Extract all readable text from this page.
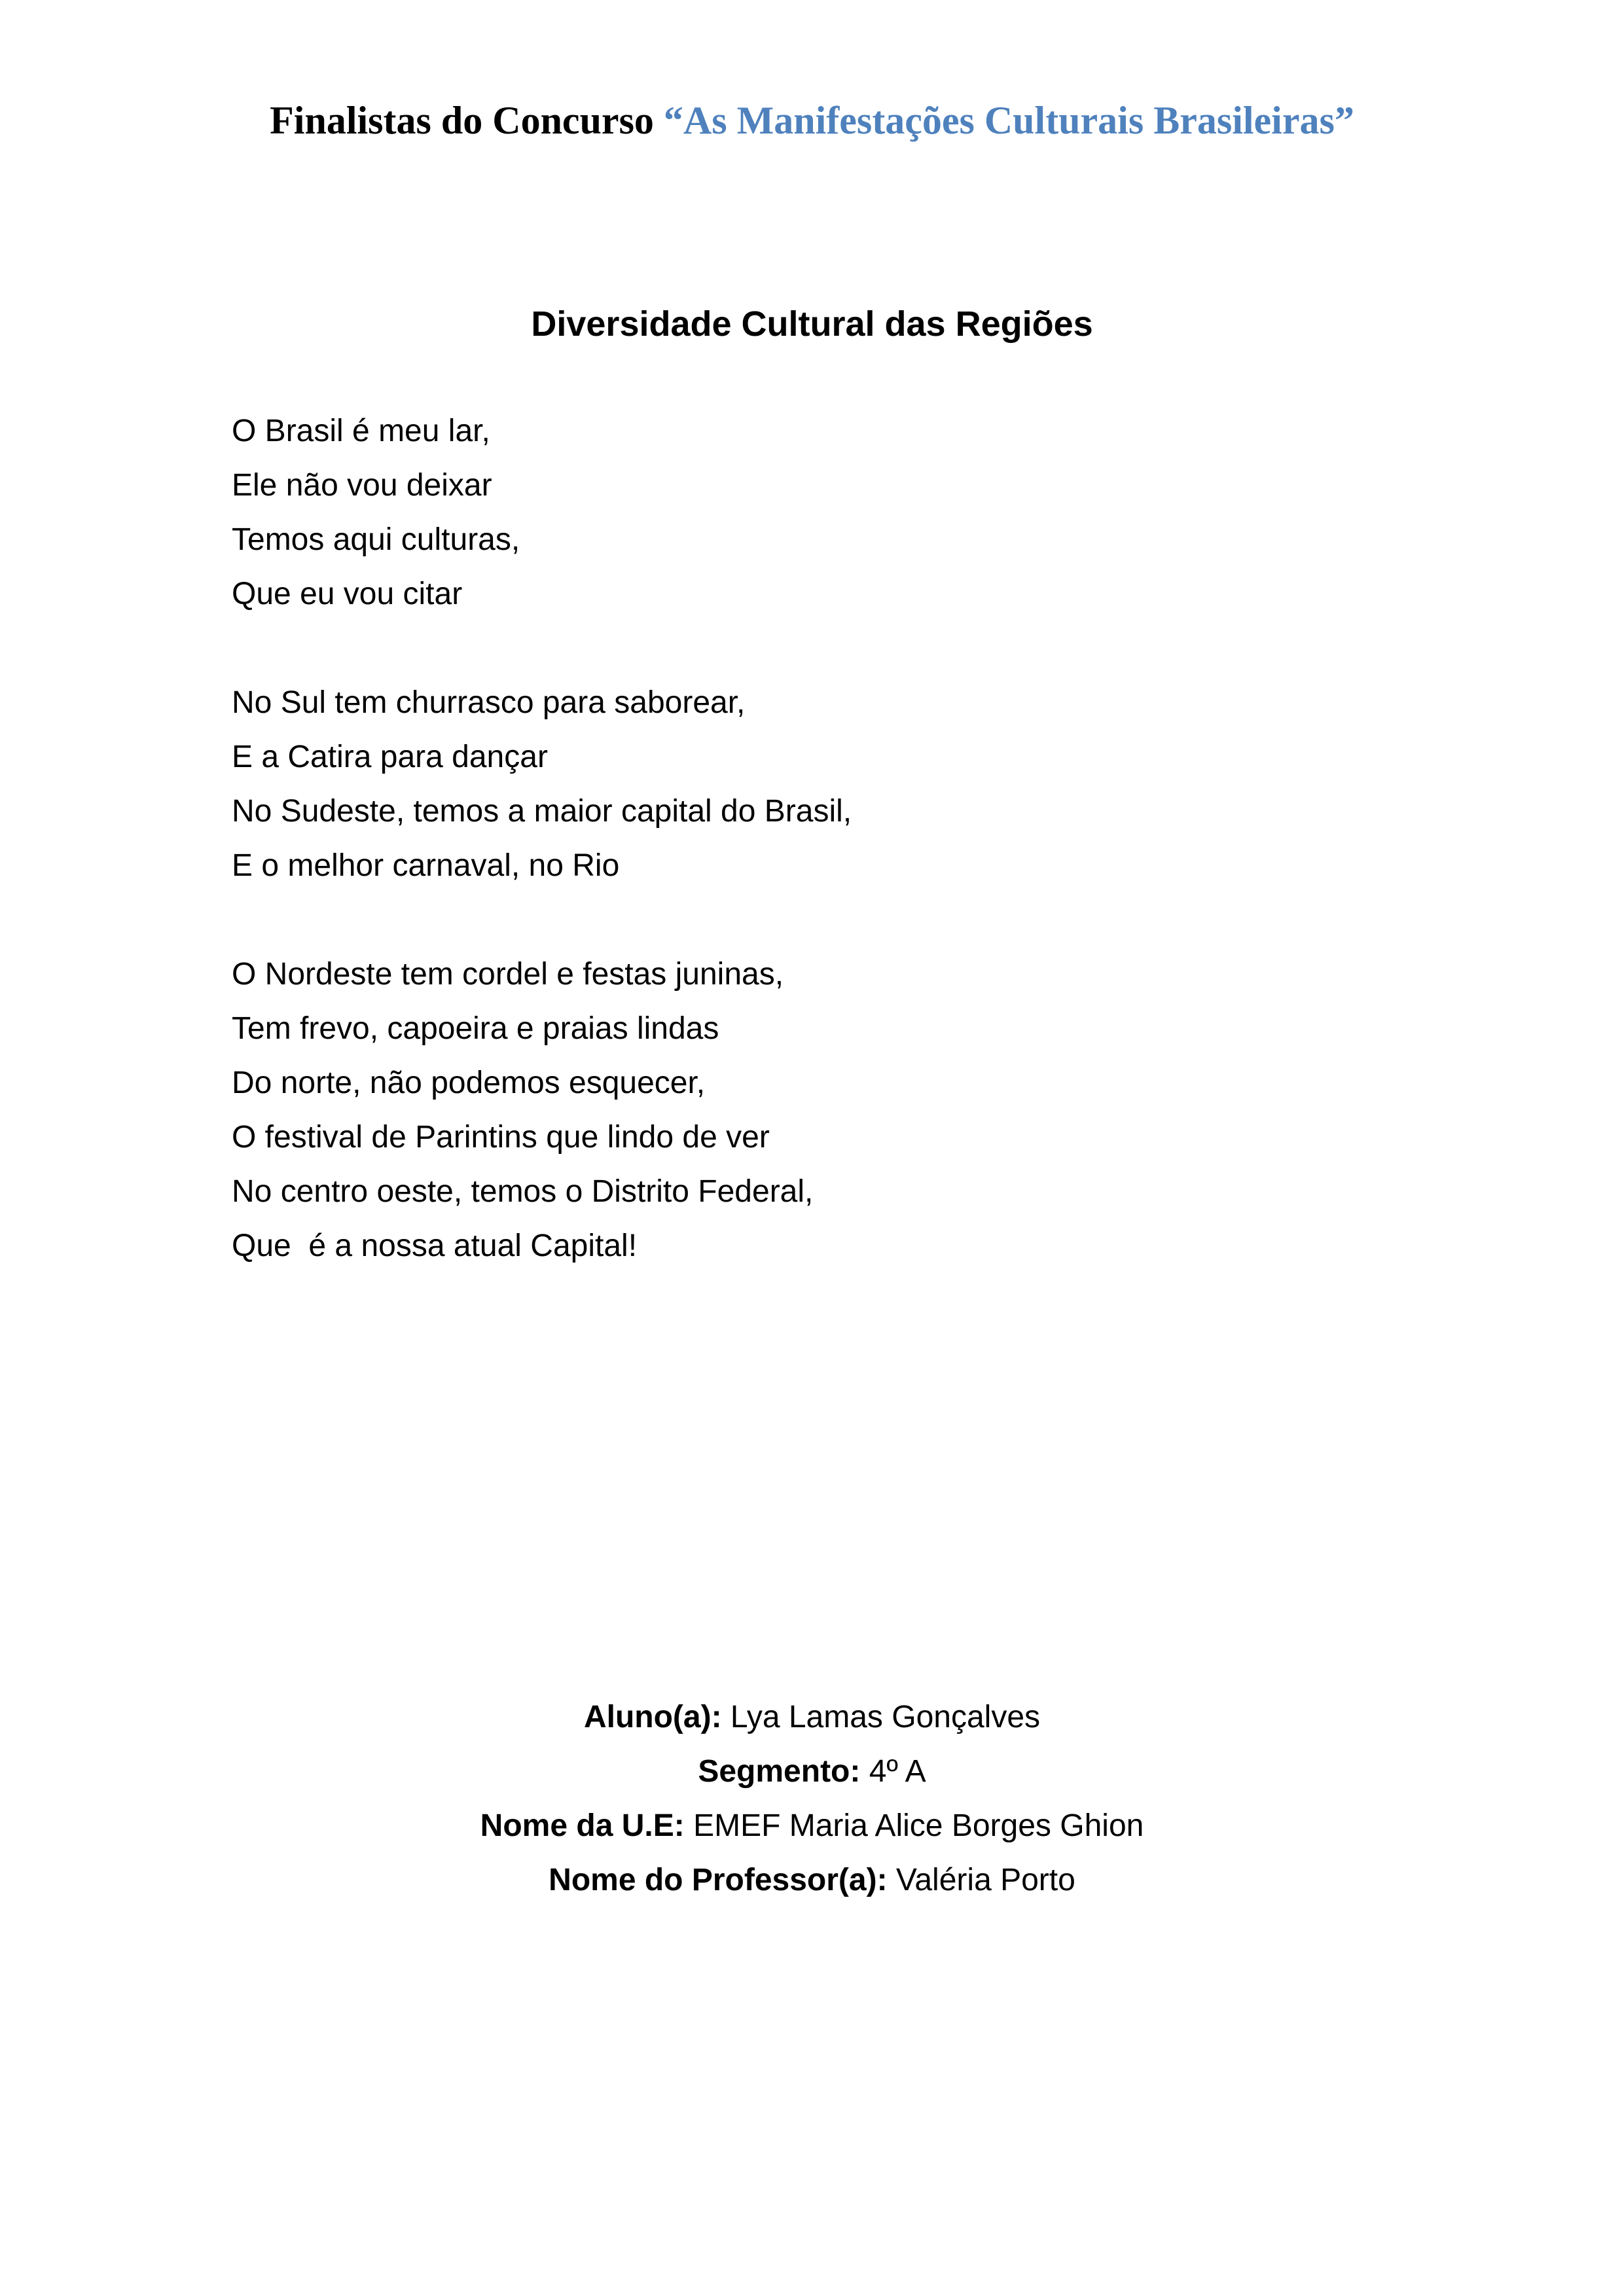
Finalistas do Concurso “As Manifestações Culturais Brasileiras”
Diversidade Cultural das Regiões
O Brasil é meu lar,
Ele não vou deixar
Temos aqui culturas,
Que eu vou citar
No Sul tem churrasco para saborear,
E a Catira para dançar
No Sudeste, temos a maior capital do Brasil,
E o melhor carnaval, no Rio
O Nordeste tem cordel e festas juninas,
Tem frevo, capoeira e praias lindas
Do norte, não podemos esquecer,
O festival de Parintins que lindo de ver
No centro oeste, temos o Distrito Federal,
Que  é a nossa atual Capital!
Aluno(a): Lya Lamas Gonçalves
Segmento: 4º A
Nome da U.E: EMEF Maria Alice Borges Ghion
Nome do Professor(a): Valéria Porto
